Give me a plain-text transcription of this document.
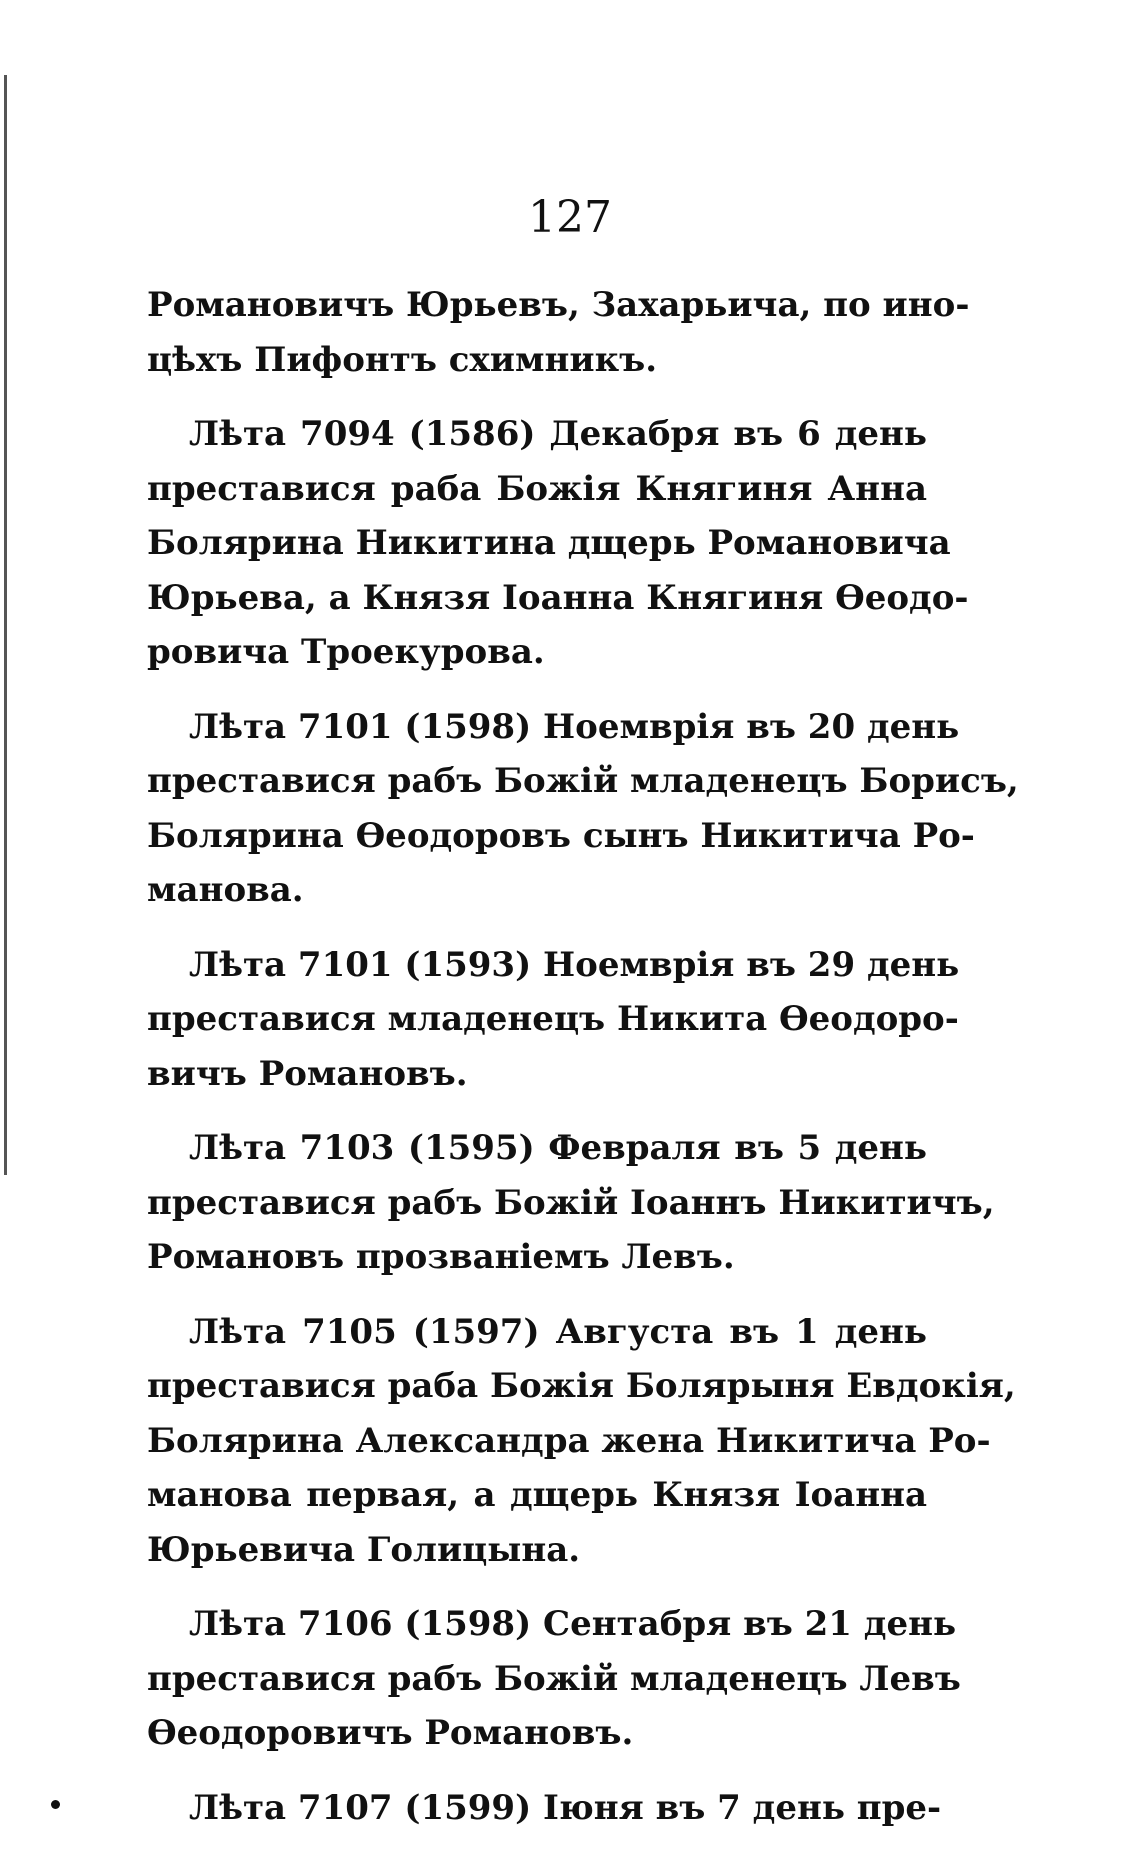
127
Романовичъ Юрьевъ, Захарьича, по ино-
цѣхъ Пифонтъ схимникъ.
Лѣта 7094 (1586) Декабря въ 6 день
преставися раба Божія Княгиня Анна
Болярина Никитина дщерь Романовича
Юрьева, а Князя Іоанна Княгиня Өеодо-
ровича Троекурова.
Лѣта 7101 (1598) Ноемврія въ 20 день
преставися рабъ Божій младенецъ Борисъ,
Болярина Өеодоровъ сынъ Никитича Ро-
манова.
Лѣта 7101 (1593) Ноемврія въ 29 день
преставися младенецъ Никита Өеодоро-
вичъ Романовъ.
Лѣта 7103 (1595) Февраля въ 5 день
преставися рабъ Божій Іоаннъ Никитичъ,
Романовъ прозваніемъ Левъ.
Лѣта 7105 (1597) Августа въ 1 день
преставися раба Божія Болярыня Евдокія,
Болярина Александра жена Никитича Ро-
манова первая, а дщерь Князя Іоанна
Юрьевича Голицына.
Лѣта 7106 (1598) Сентабря въ 21 день
преставися рабъ Божій младенецъ Левъ
Өеодоровичъ Романовъ.
Лѣта 7107 (1599) Іюня въ 7 день пре-
